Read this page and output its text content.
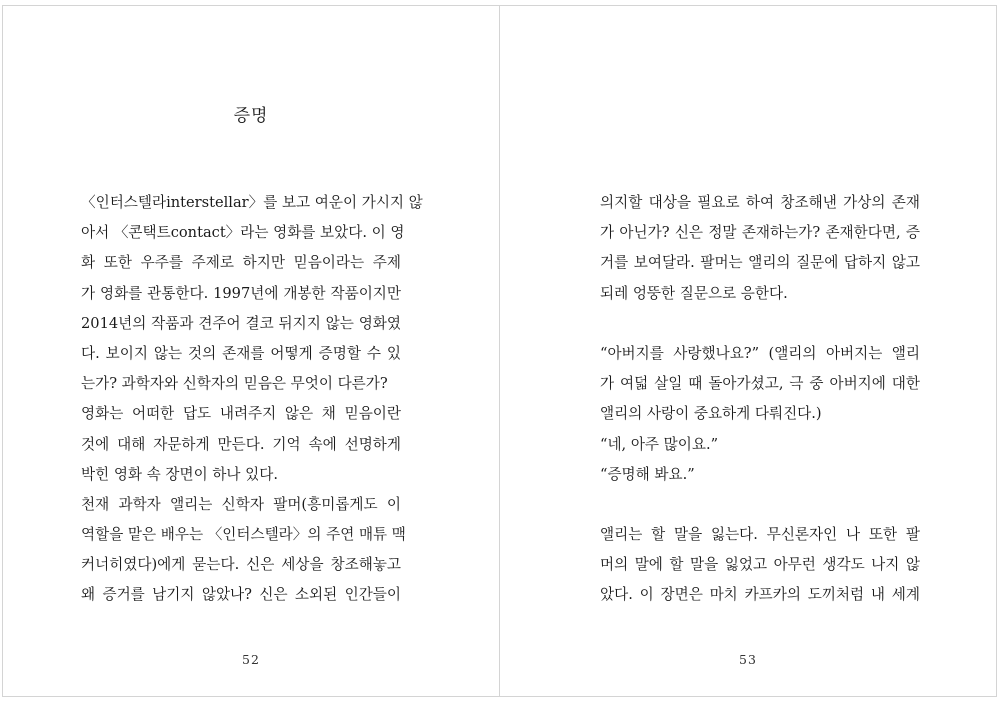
증명
〈인터스텔라interstellar〉를 보고 여운이 가시지 않
아서 〈콘택트contact〉라는 영화를 보았다. 이 영
화 또한 우주를 주제로 하지만 믿음이라는 주제
가 영화를 관통한다. 1997년에 개봉한 작품이지만
2014년의 작품과 견주어 결코 뒤지지 않는 영화였
다. 보이지 않는 것의 존재를 어떻게 증명할 수 있
는가? 과학자와 신학자의 믿음은 무엇이 다른가?
영화는 어떠한 답도 내려주지 않은 채 믿음이란
것에 대해 자문하게 만든다. 기억 속에 선명하게
박힌 영화 속 장면이 하나 있다.
천재 과학자 앨리는 신학자 팔머(흥미롭게도 이
역할을 맡은 배우는 〈인터스텔라〉의 주연 매튜 맥
커너히였다)에게 묻는다. 신은 세상을 창조해놓고
왜 증거를 남기지 않았나? 신은 소외된 인간들이
52
의지할 대상을 필요로 하여 창조해낸 가상의 존재
가 아닌가? 신은 정말 존재하는가? 존재한다면, 증
거를 보여달라. 팔머는 앨리의 질문에 답하지 않고
되레 엉뚱한 질문으로 응한다.
“아버지를 사랑했나요?” (앨리의 아버지는 앨리
가 여덟 살일 때 돌아가셨고, 극 중 아버지에 대한
앨리의 사랑이 중요하게 다뤄진다.)
“네, 아주 많이요.”
“증명해 봐요.”
앨리는 할 말을 잃는다. 무신론자인 나 또한 팔
머의 말에 할 말을 잃었고 아무런 생각도 나지 않
았다. 이 장면은 마치 카프카의 도끼처럼 내 세계
53
